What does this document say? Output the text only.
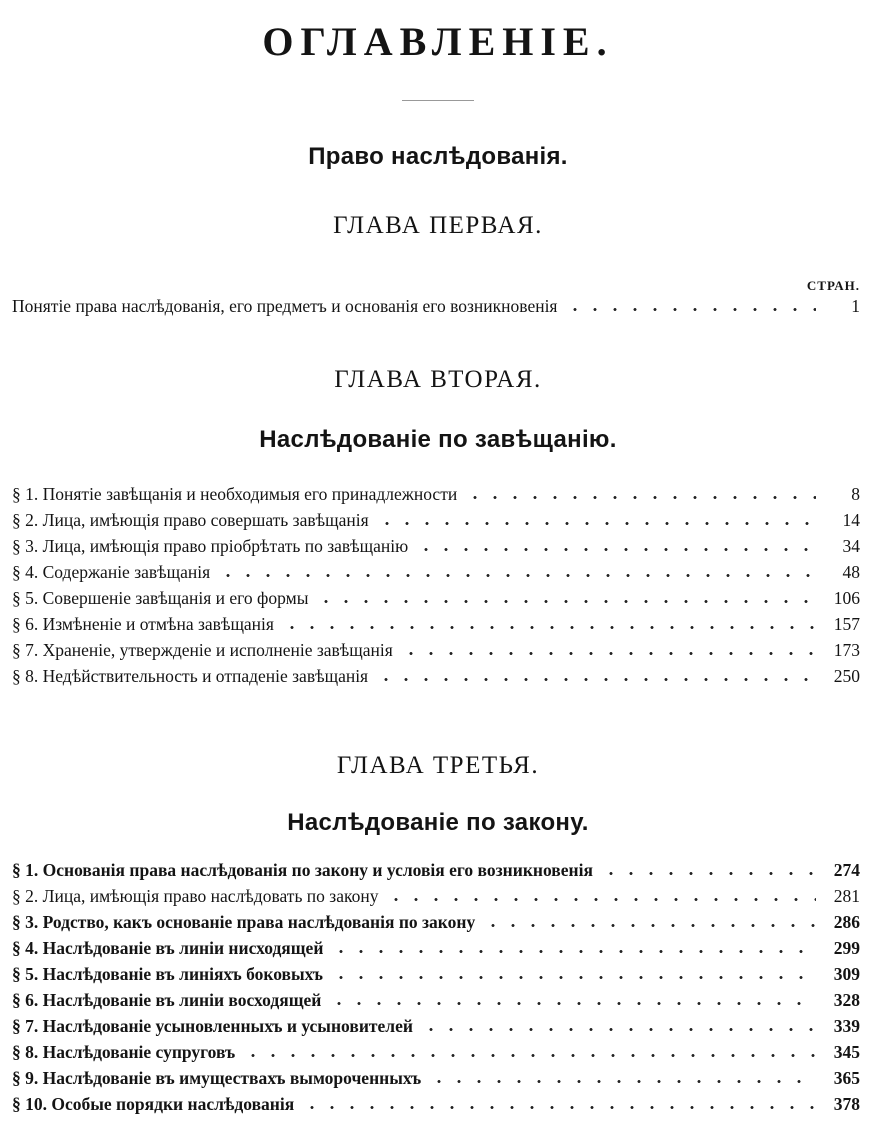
ОГЛАВЛЕНІЕ.
Право наслѣдованія.
ГЛАВА ПЕРВАЯ.
СТРАН.
Понятіе права наслѣдованія, его предметъ и основанія его возникновенія	1
ГЛАВА ВТОРАЯ.
Наслѣдованіе по завѣщанію.
§ 1. Понятіе завѣщанія и необходимыя его принадлежности	8
§ 2. Лица, имѣющія право совершать завѣщанія	14
§ 3. Лица, имѣющія право пріобрѣтать по завѣщанію	34
§ 4. Содержаніе завѣщанія	48
§ 5. Совершеніе завѣщанія и его формы	106
§ 6. Измѣненіе и отмѣна завѣщанія	157
§ 7. Храненіе, утвержденіе и исполненіе завѣщанія	173
§ 8. Недѣйствительность и отпаденіе завѣщанія	250
ГЛАВА ТРЕТЬЯ.
Наслѣдованіе по закону.
§ 1. Основанія права наслѣдованія по закону и условія его возникновенія	274
§ 2. Лица, имѣющія право наслѣдовать по закону	281
§ 3. Родство, какъ основаніе права наслѣдованія по закону	286
§ 4. Наслѣдованіе въ линіи нисходящей	299
§ 5. Наслѣдованіе въ линіяхъ боковыхъ	309
§ 6. Наслѣдованіе въ линіи восходящей	328
§ 7. Наслѣдованіе усыновленныхъ и усыновителей	339
§ 8. Наслѣдованіе супруговъ	345
§ 9. Наслѣдованіе въ имуществахъ вымороченныхъ	365
§ 10. Особые порядки наслѣдованія	378
